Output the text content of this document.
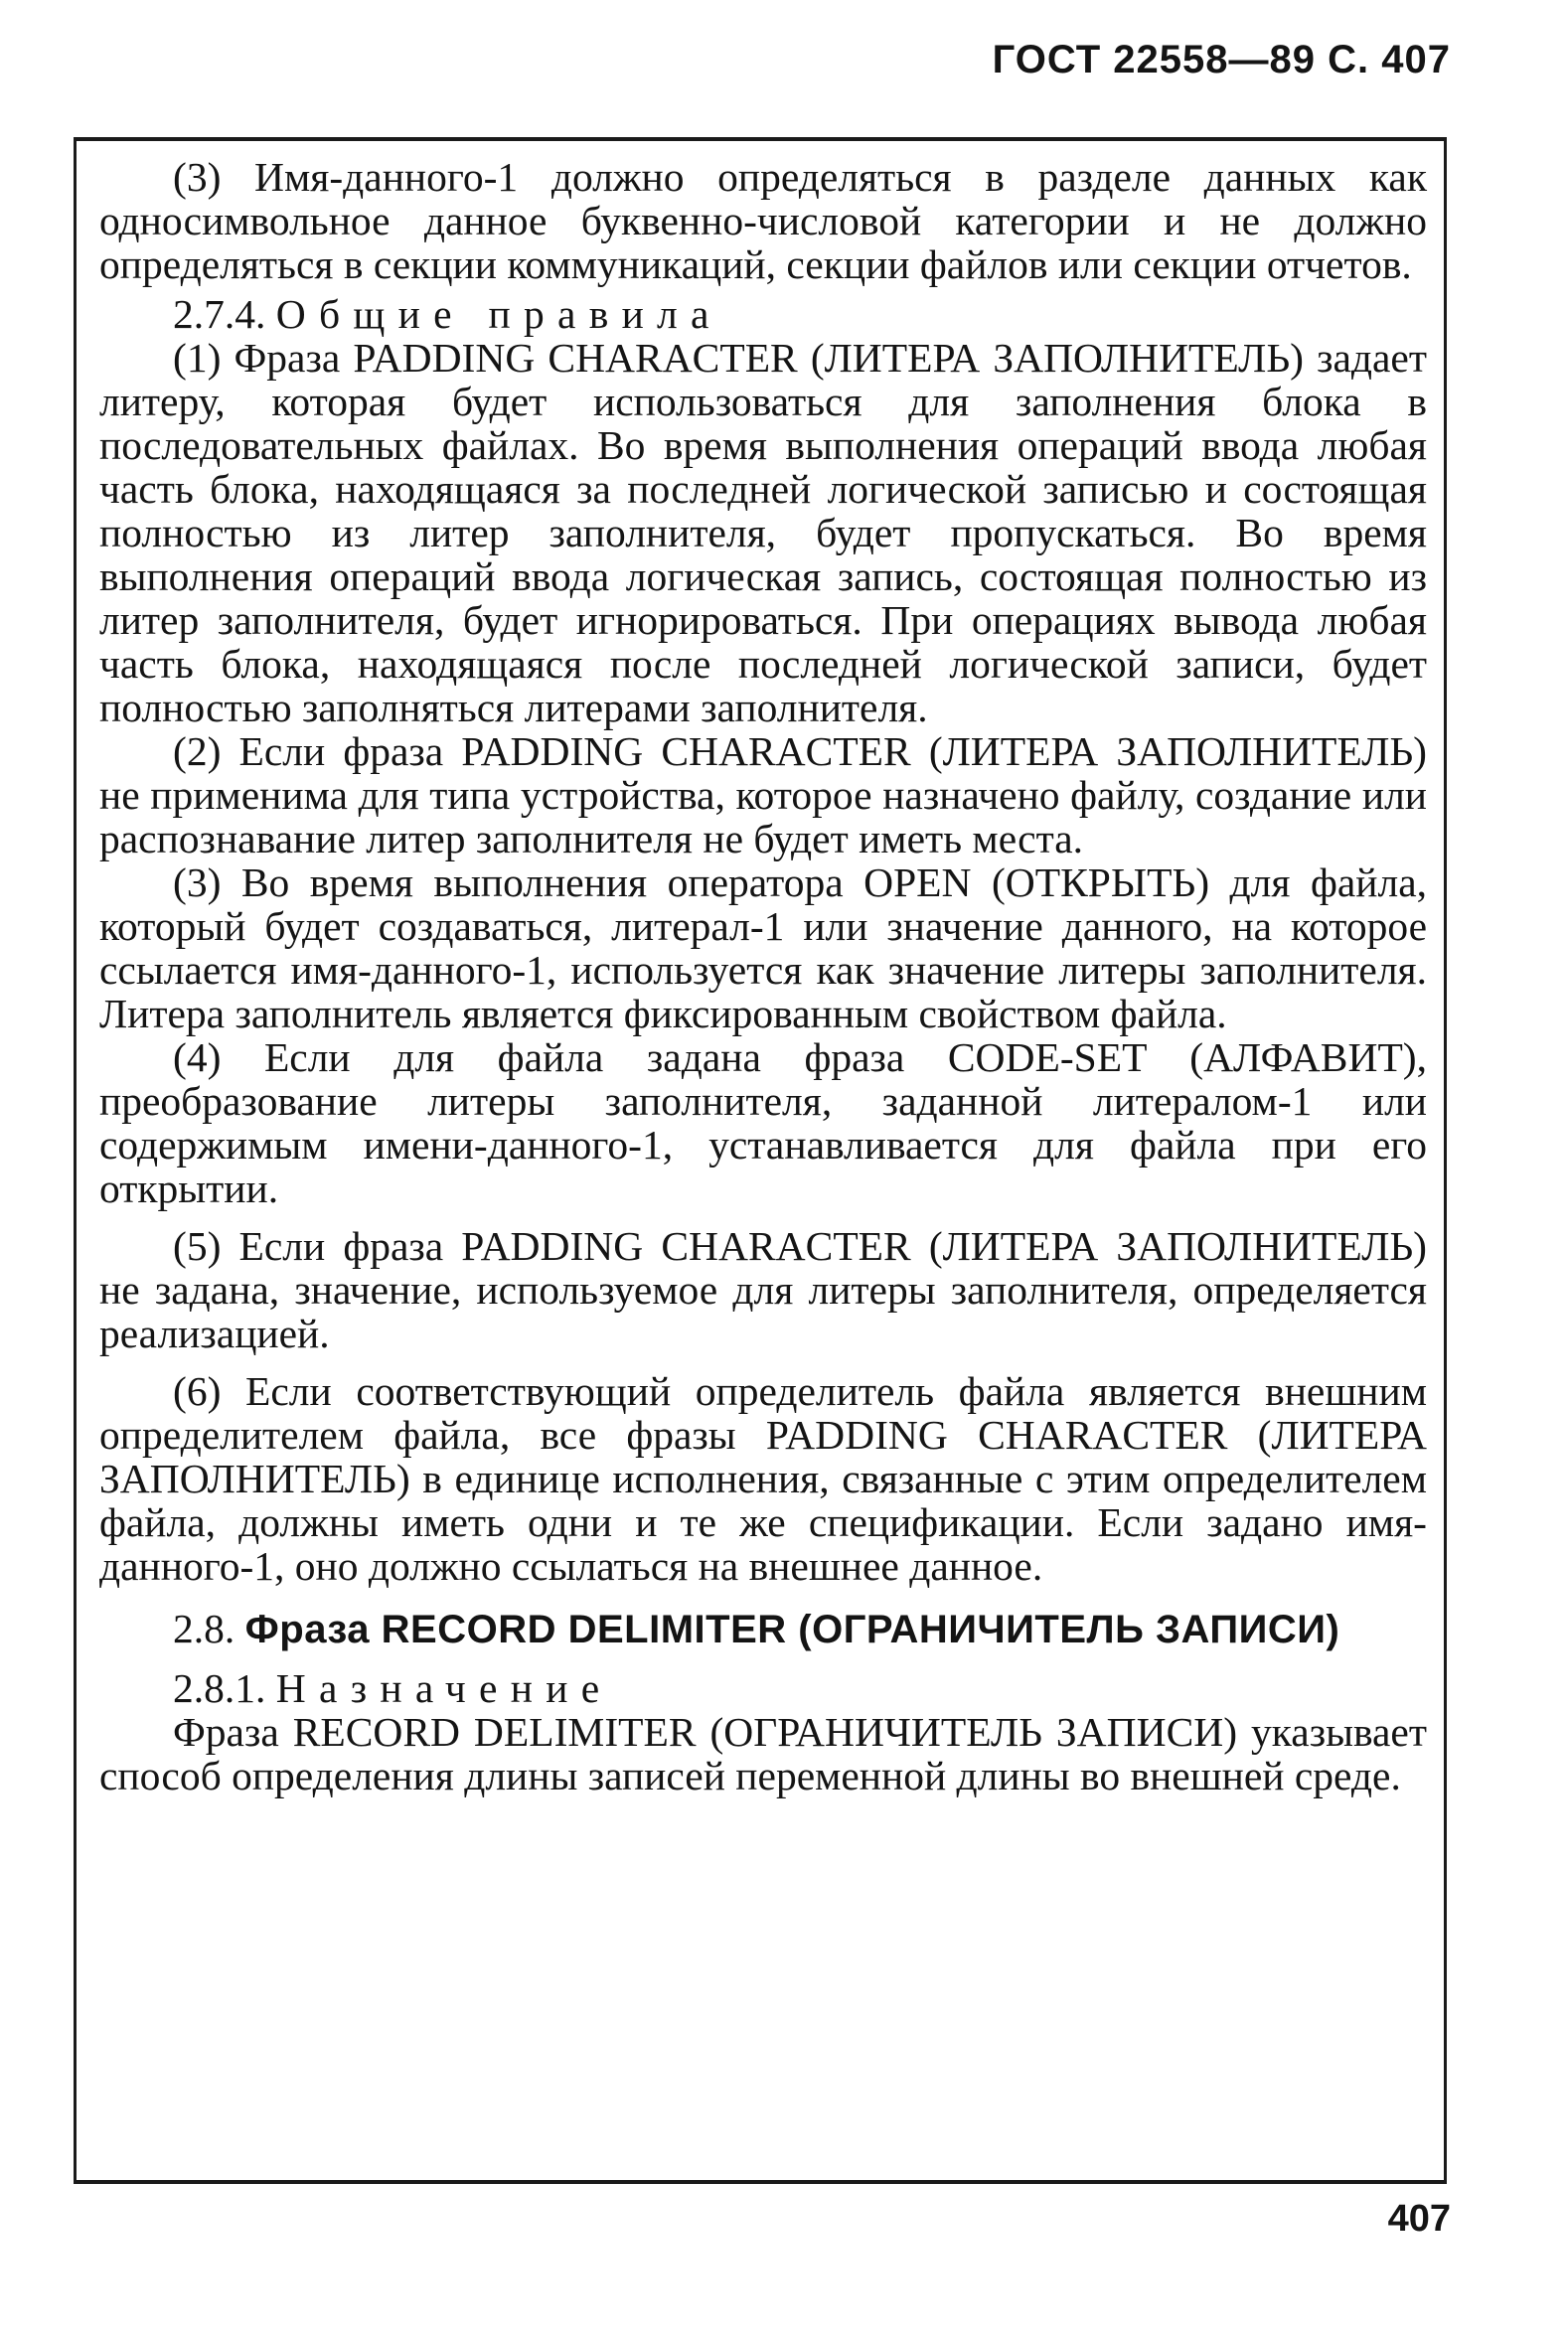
ГОСТ 22558—89 С. 407

(3) Имя-данного-1 должно определяться в разделе данных как односимвольное данное буквенно-числовой категории и не должно определяться в секции коммуникаций, секции файлов или секции отчетов.

2.7.4. Общие правила

(1) Фраза PADDING CHARACTER (ЛИТЕРА ЗАПОЛНИТЕЛЬ) задает литеру, которая будет использоваться для заполнения блока в последовательных файлах. Во время выполнения операций ввода любая часть блока, находящаяся за последней логической записью и состоящая полностью из литер заполнителя, будет пропускаться. Во время выполнения операций ввода логическая запись, состоящая полностью из литер заполнителя, будет игнорироваться. При операциях вывода любая часть блока, находящаяся после последней логической записи, будет полностью заполняться литерами заполнителя.

(2) Если фраза PADDING CHARACTER (ЛИТЕРА ЗАПОЛНИТЕЛЬ) не применима для типа устройства, которое назначено файлу, создание или распознавание литер заполнителя не будет иметь места.

(3) Во время выполнения оператора OPEN (ОТКРЫТЬ) для файла, который будет создаваться, литерал-1 или значение данного, на которое ссылается имя-данного-1, используется как значение литеры заполнителя. Литера заполнитель является фиксированным свойством файла.

(4) Если для файла задана фраза CODE-SET (АЛФАВИТ), преобразование литеры заполнителя, заданной литералом-1 или содержимым имени-данного-1, устанавливается для файла при его открытии.

(5) Если фраза PADDING CHARACTER (ЛИТЕРА ЗАПОЛНИТЕЛЬ) не задана, значение, используемое для литеры заполнителя, определяется реализацией.

(6) Если соответствующий определитель файла является внешним определителем файла, все фразы PADDING CHARACTER (ЛИТЕРА ЗАПОЛНИТЕЛЬ) в единице исполнения, связанные с этим определителем файла, должны иметь одни и те же спецификации. Если задано имя-данного-1, оно должно ссылаться на внешнее данное.

2.8. Фраза RECORD DELIMITER (ОГРАНИЧИТЕЛЬ ЗАПИСИ)

2.8.1. Назначение

Фраза RECORD DELIMITER (ОГРАНИЧИТЕЛЬ ЗАПИСИ) указывает способ определения длины записей переменной длины во внешней среде.

407
